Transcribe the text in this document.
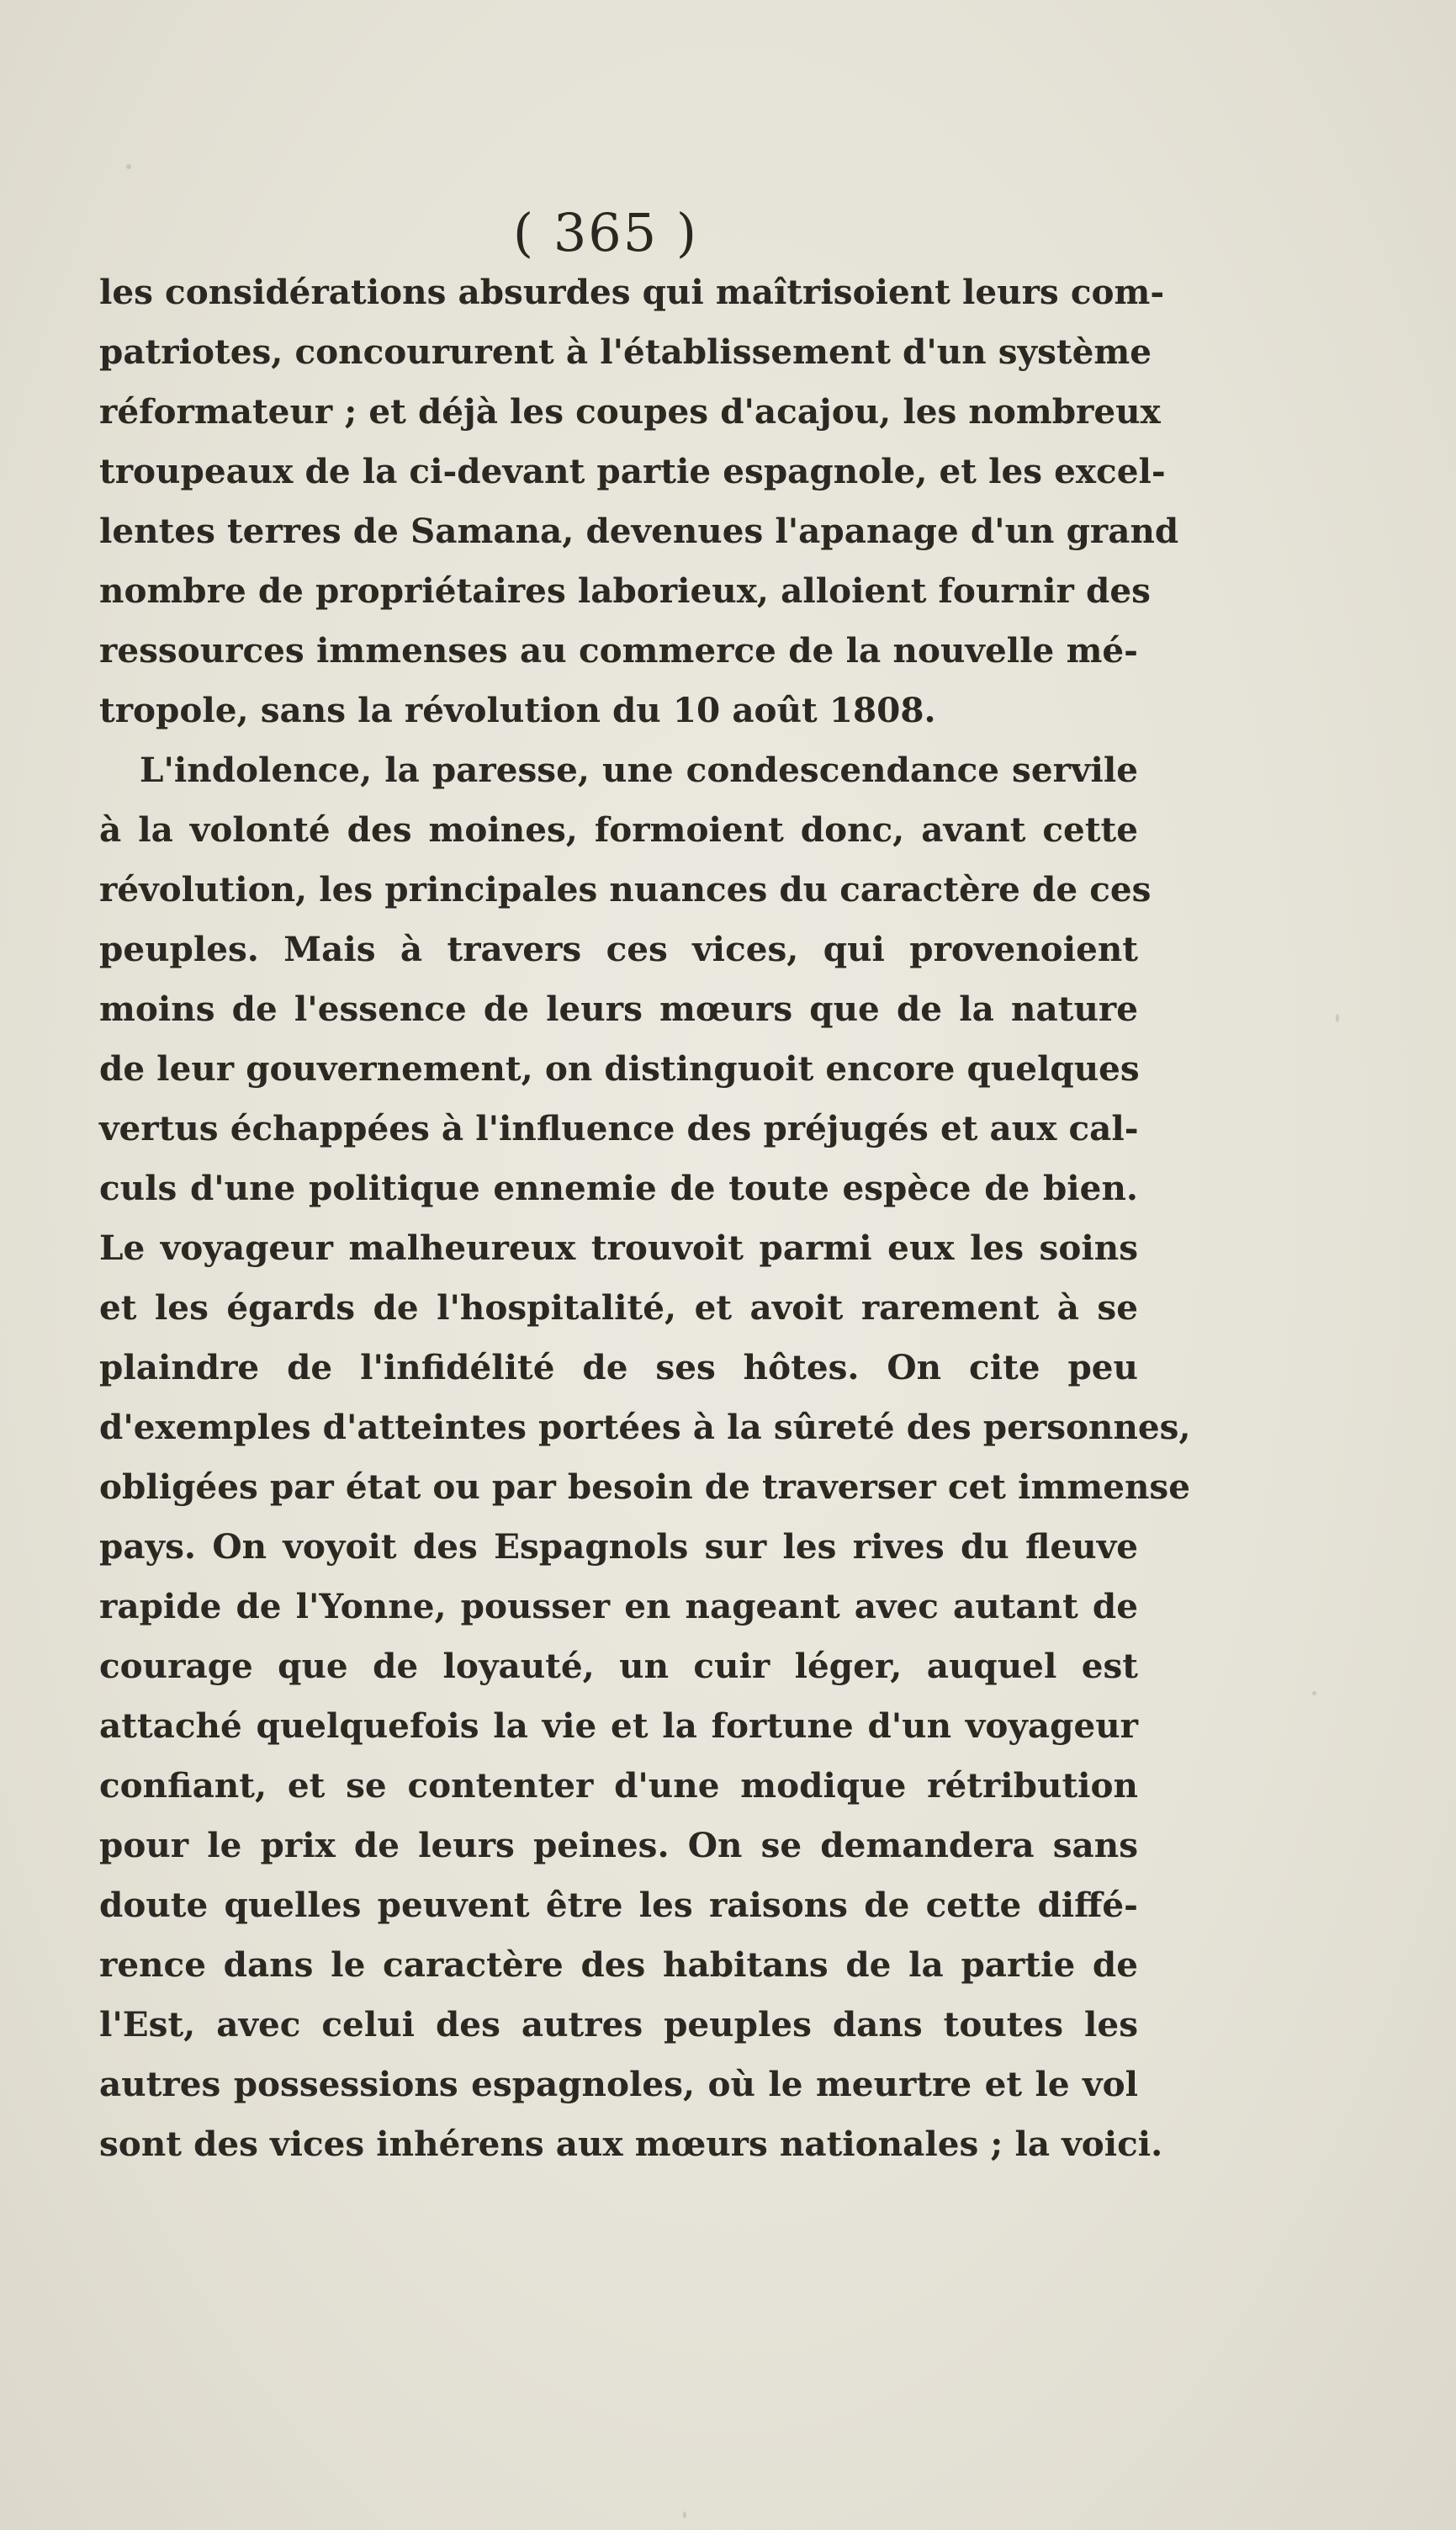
( 365 )
les considérations absurdes qui maîtrisoient leurs com-
patriotes, concoururent à l'établissement d'un système
réformateur ; et déjà les coupes d'acajou, les nombreux
troupeaux de la ci-devant partie espagnole, et les excel-
lentes terres de Samana, devenues l'apanage d'un grand
nombre de propriétaires laborieux, alloient fournir des
ressources immenses au commerce de la nouvelle mé-
tropole, sans la révolution du 10 août 1808.
L'indolence, la paresse, une condescendance servile
à la volonté des moines, formoient donc, avant cette
révolution, les principales nuances du caractère de ces
peuples. Mais à travers ces vices, qui provenoient
moins de l'essence de leurs mœurs que de la nature
de leur gouvernement, on distinguoit encore quelques
vertus échappées à l'influence des préjugés et aux cal-
culs d'une politique ennemie de toute espèce de bien.
Le voyageur malheureux trouvoit parmi eux les soins
et les égards de l'hospitalité, et avoit rarement à se
plaindre de l'infidélité de ses hôtes. On cite peu
d'exemples d'atteintes portées à la sûreté des personnes,
obligées par état ou par besoin de traverser cet immense
pays. On voyoit des Espagnols sur les rives du fleuve
rapide de l'Yonne, pousser en nageant avec autant de
courage que de loyauté, un cuir léger, auquel est
attaché quelquefois la vie et la fortune d'un voyageur
confiant, et se contenter d'une modique rétribution
pour le prix de leurs peines. On se demandera sans
doute quelles peuvent être les raisons de cette diffé-
rence dans le caractère des habitans de la partie de
l'Est, avec celui des autres peuples dans toutes les
autres possessions espagnoles, où le meurtre et le vol
sont des vices inhérens aux mœurs nationales ; la voici.
